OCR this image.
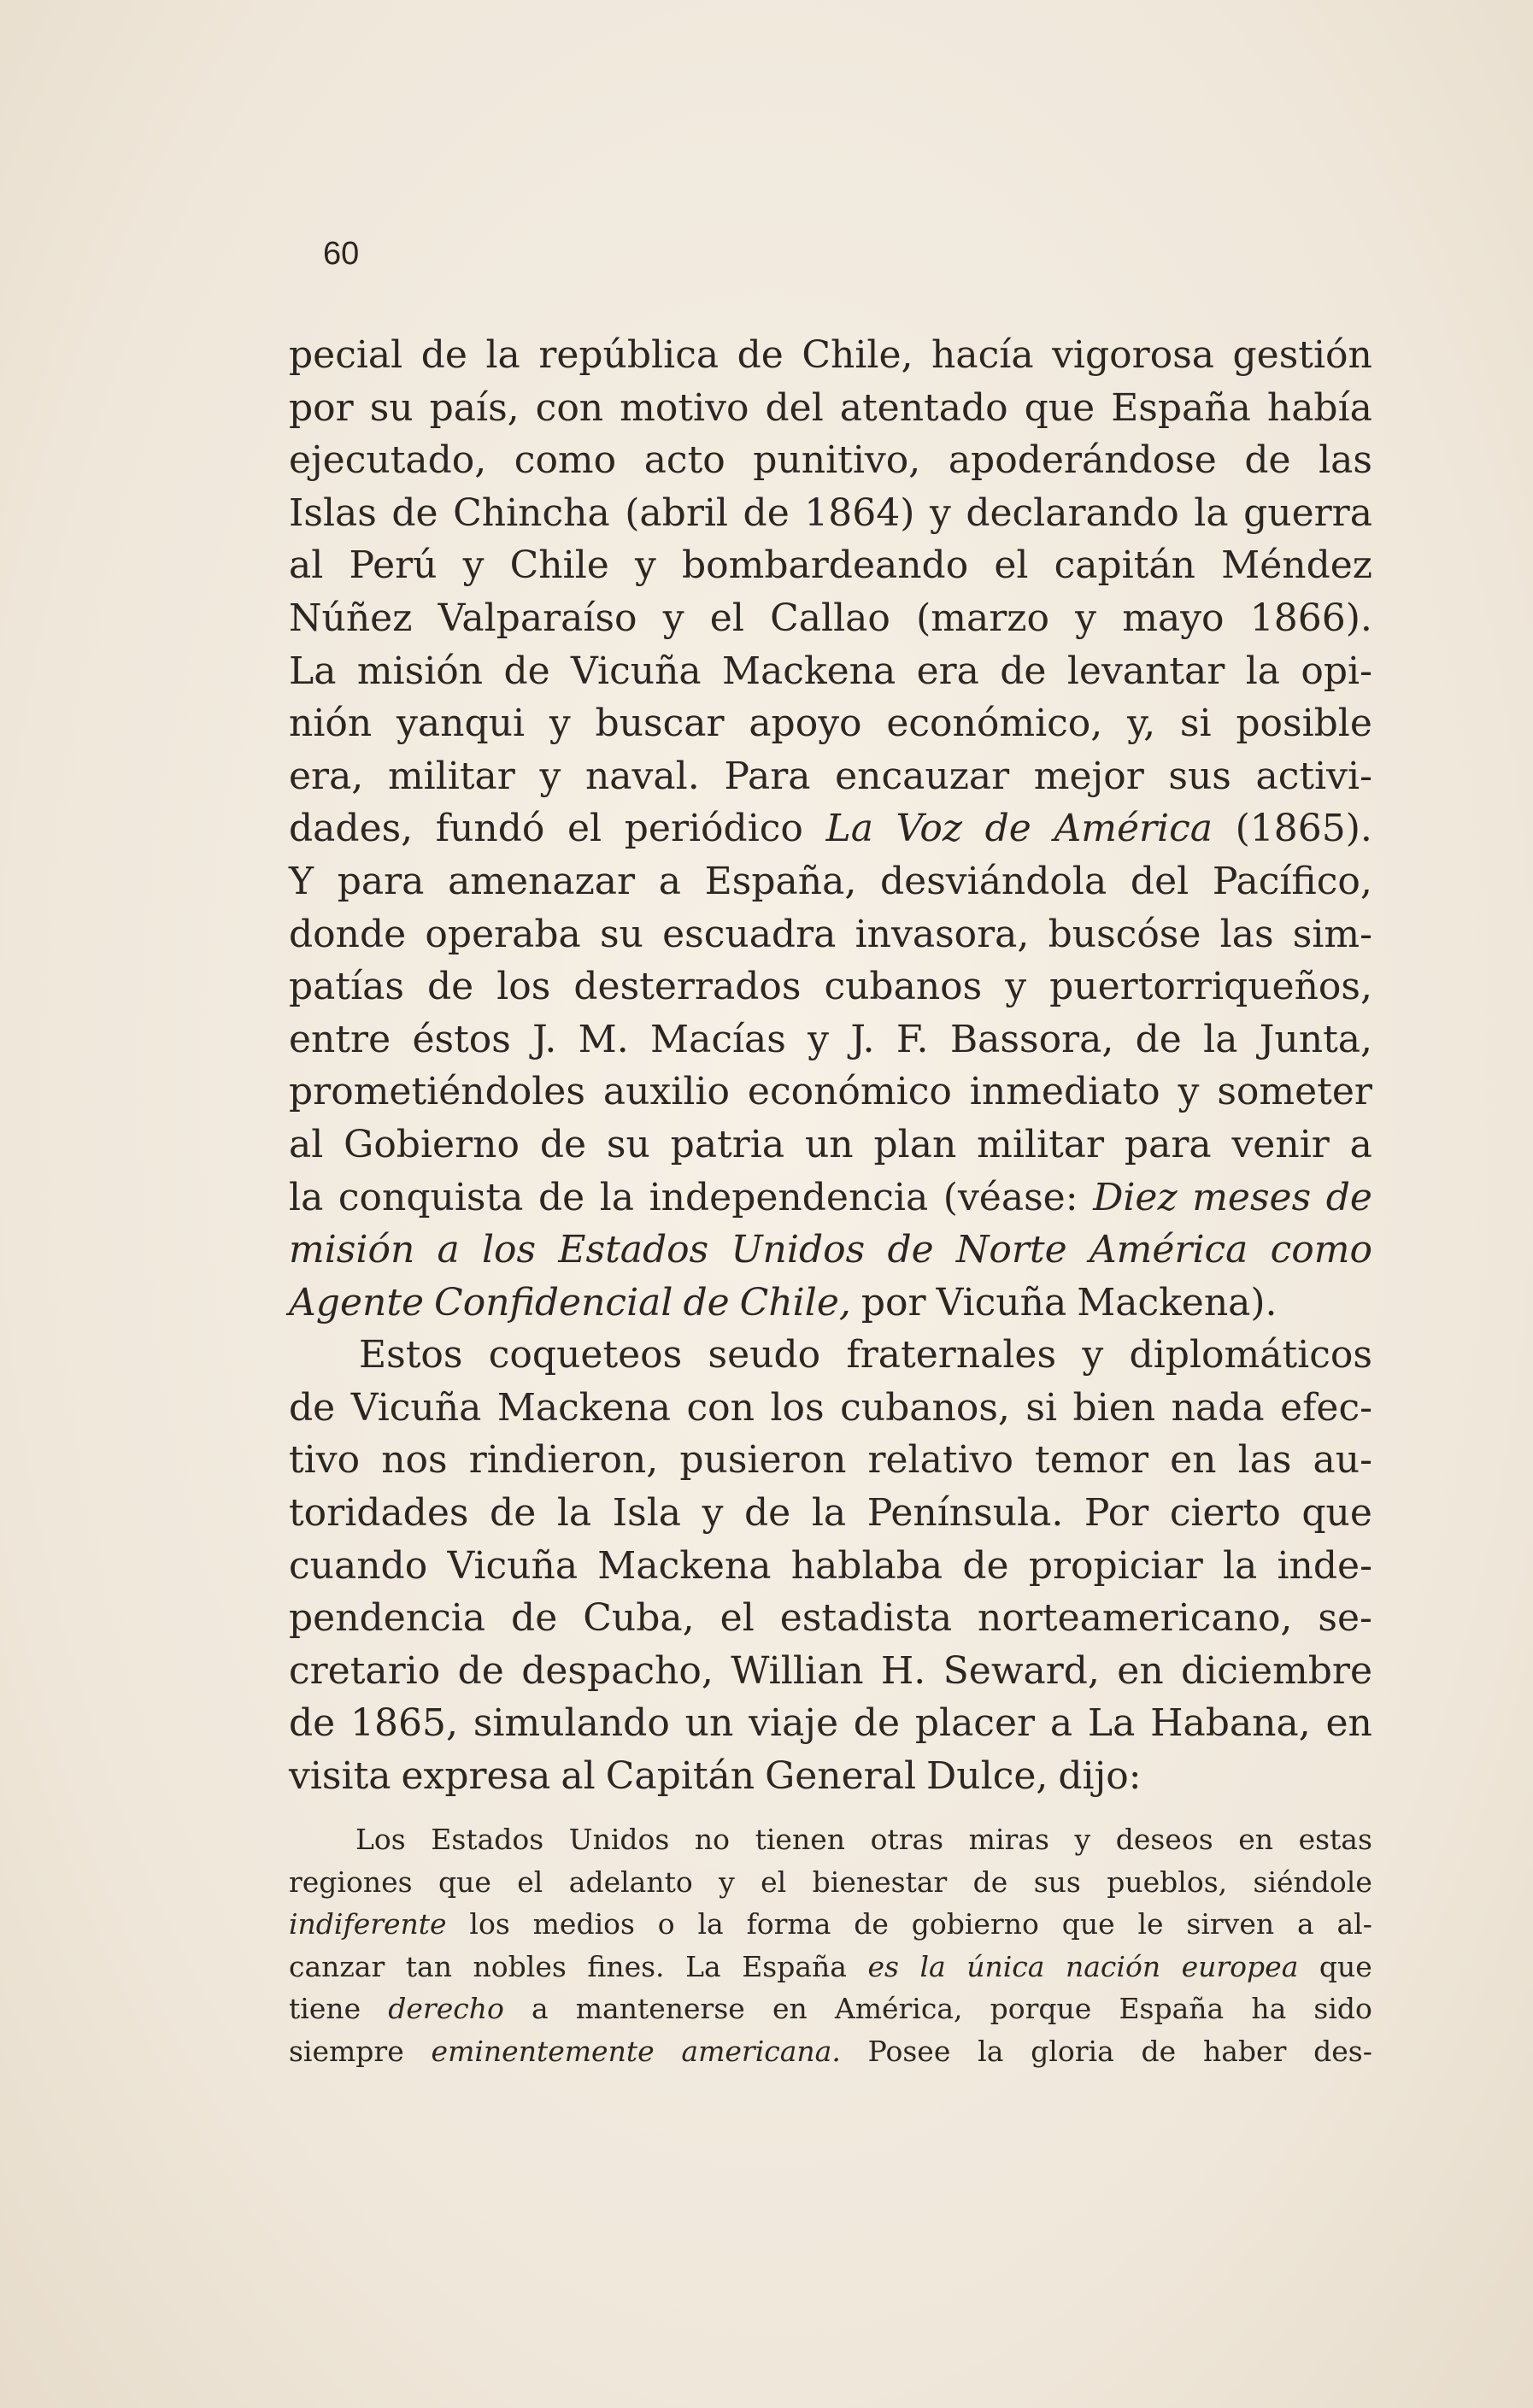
60
pecial de la república de Chile, hacía vigorosa gestión
por su país, con motivo del atentado que España había
ejecutado, como acto punitivo, apoderándose de las
Islas de Chincha (abril de 1864) y declarando la guerra
al Perú y Chile y bombardeando el capitán Méndez
Núñez Valparaíso y el Callao (marzo y mayo 1866).
La misión de Vicuña Mackena era de levantar la opi-
nión yanqui y buscar apoyo económico, y, si posible
era, militar y naval. Para encauzar mejor sus activi-
dades, fundó el periódico La Voz de América (1865).
Y para amenazar a España, desviándola del Pacífico,
donde operaba su escuadra invasora, buscóse las sim-
patías de los desterrados cubanos y puertorriqueños,
entre éstos J. M. Macías y J. F. Bassora, de la Junta,
prometiéndoles auxilio económico inmediato y someter
al Gobierno de su patria un plan militar para venir a
la conquista de la independencia (véase: Diez meses de
misión a los Estados Unidos de Norte América como
Agente Confidencial de Chile, por Vicuña Mackena).
Estos coqueteos seudo fraternales y diplomáticos
de Vicuña Mackena con los cubanos, si bien nada efec-
tivo nos rindieron, pusieron relativo temor en las au-
toridades de la Isla y de la Península. Por cierto que
cuando Vicuña Mackena hablaba de propiciar la inde-
pendencia de Cuba, el estadista norteamericano, se-
cretario de despacho, Willian H. Seward, en diciembre
de 1865, simulando un viaje de placer a La Habana, en
visita expresa al Capitán General Dulce, dijo:
Los Estados Unidos no tienen otras miras y deseos en estas
regiones que el adelanto y el bienestar de sus pueblos, siéndole
indiferente los medios o la forma de gobierno que le sirven a al-
canzar tan nobles fines. La España es la única nación europea que
tiene derecho a mantenerse en América, porque España ha sido
siempre eminentemente americana. Posee la gloria de haber des-
